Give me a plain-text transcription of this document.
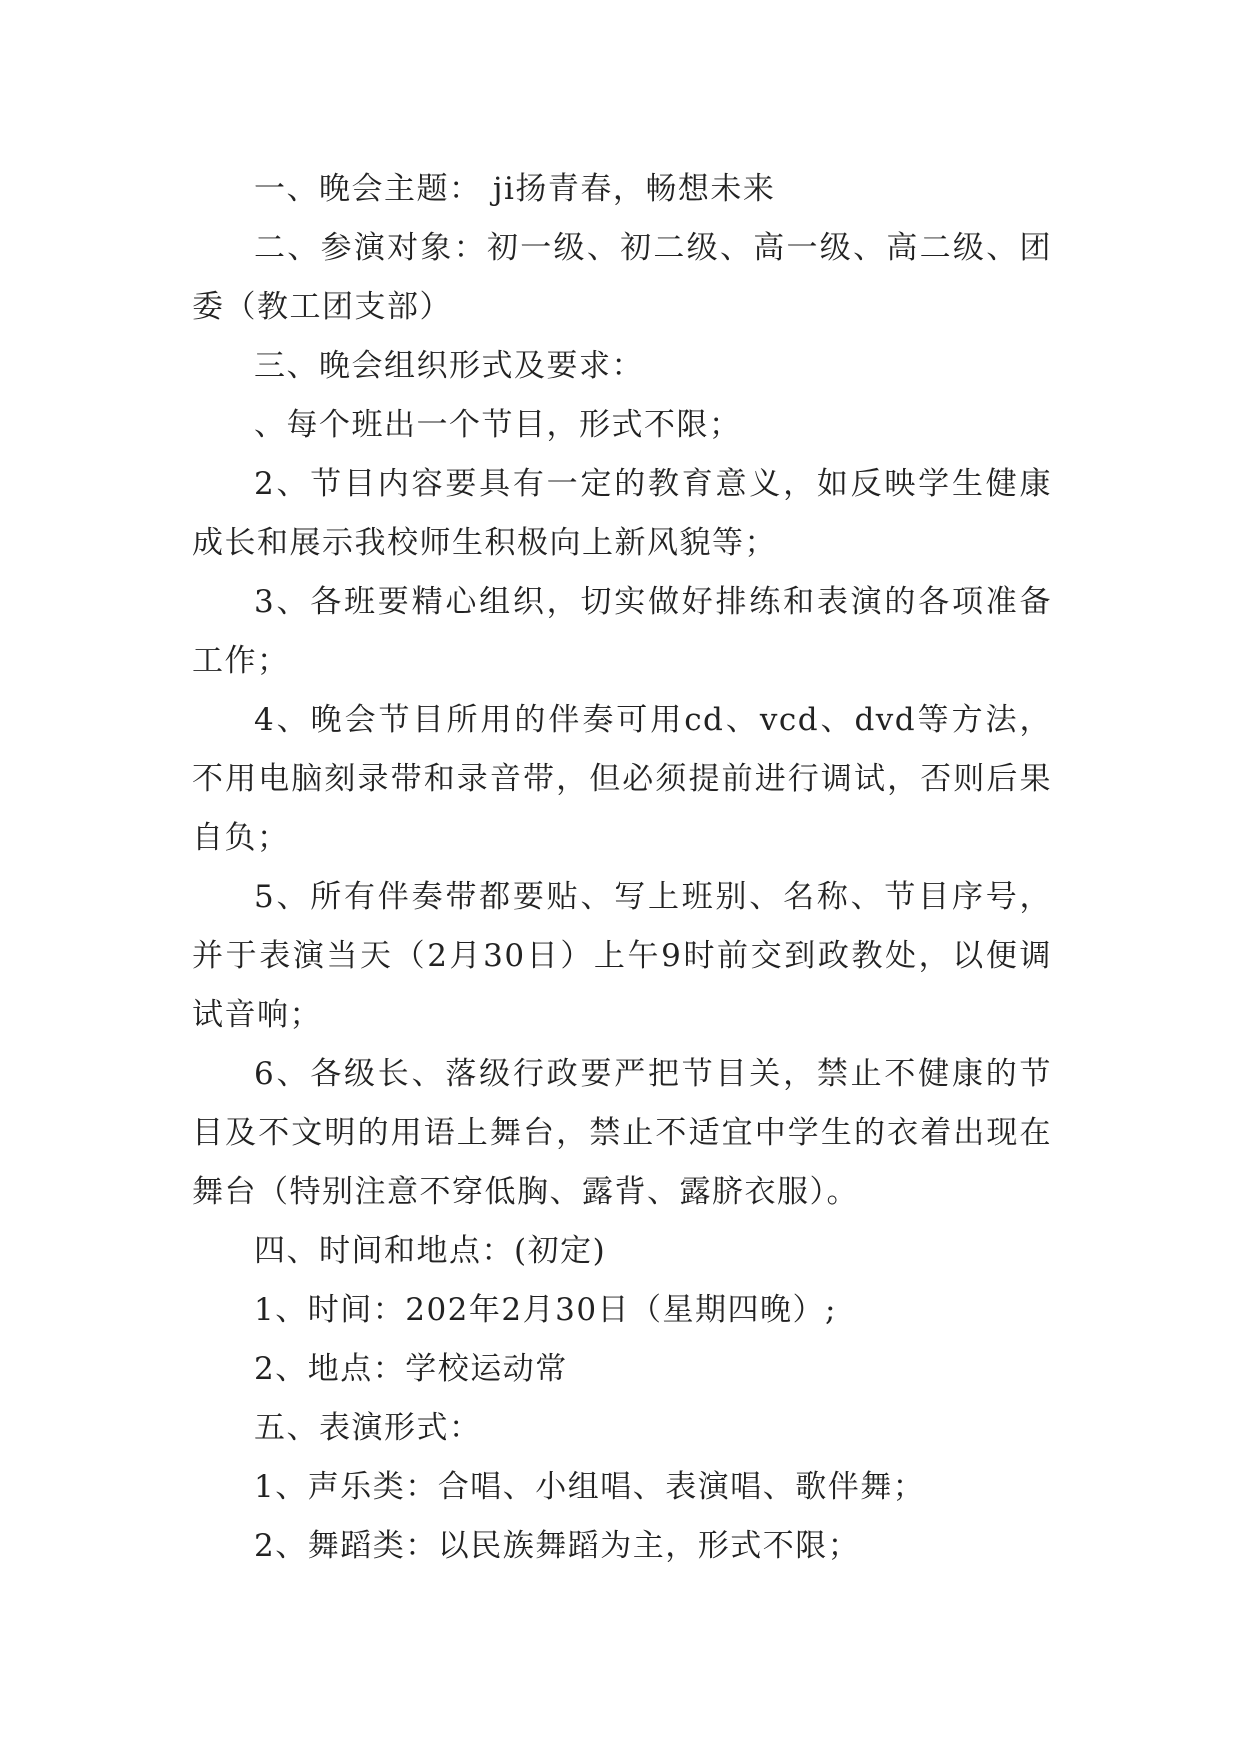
一、晚会主题： ji扬青春，畅想未来

二、参演对象：初一级、初二级、高一级、高二级、团委（教工团支部）

三、晚会组织形式及要求：

、每个班出一个节目，形式不限；

2、节目内容要具有一定的教育意义，如反映学生健康成长和展示我校师生积极向上新风貌等；

3、各班要精心组织，切实做好排练和表演的各项准备工作；

4、晚会节目所用的伴奏可用cd、vcd、dvd等方法，不用电脑刻录带和录音带，但必须提前进行调试，否则后果自负；

5、所有伴奏带都要贴、写上班别、名称、节目序号，并于表演当天（2月30日）上午9时前交到政教处，以便调试音响；

6、各级长、落级行政要严把节目关，禁止不健康的节目及不文明的用语上舞台，禁止不适宜中学生的衣着出现在舞台（特别注意不穿低胸、露背、露脐衣服）。

四、时间和地点：(初定)

1、时间：202年2月30日（星期四晚）;

2、地点：学校运动常

五、表演形式：

1、声乐类：合唱、小组唱、表演唱、歌伴舞；

2、舞蹈类：以民族舞蹈为主，形式不限；
